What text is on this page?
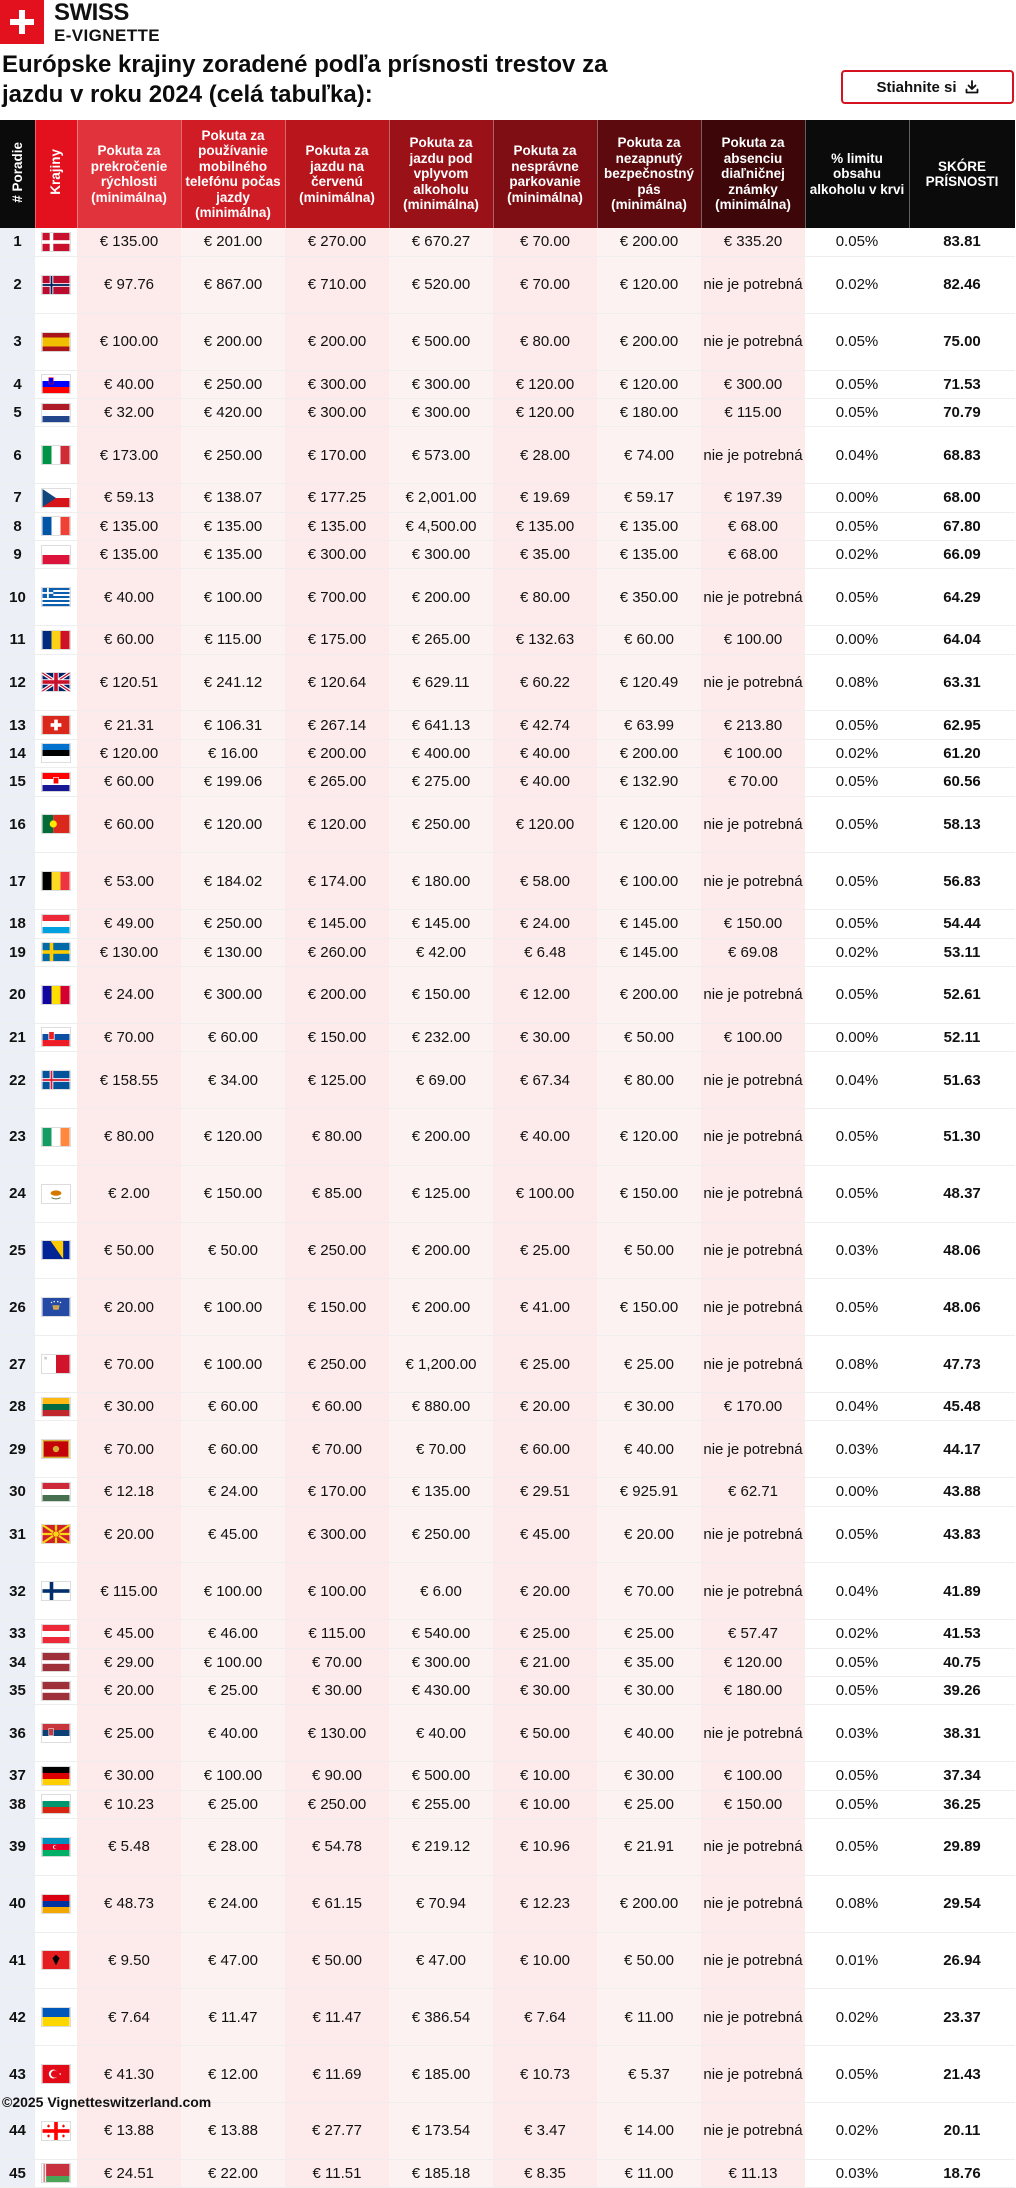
SWISS
E-VIGNETTE
Európske krajiny zoradené podľa prísnosti trestov za jazdu v roku 2024 (celá tabuľka):	Stiahnite si
# Poradie	Krajiny	Pokuta za prekročenie rýchlosti (minimálna)	Pokuta za používanie mobilného telefónu počas jazdy (minimálna)	Pokuta za jazdu na červenú (minimálna)	Pokuta za jazdu pod vplyvom alkoholu (minimálna)	Pokuta za nesprávne parkovanie (minimálna)	Pokuta za nezapnutý bezpečnostný pás (minimálna)	Pokuta za absenciu diaľničnej známky (minimálna)	% limitu obsahu alkoholu v krvi	SKÓRE PRÍSNOSTI
1		€ 135.00	€ 201.00	€ 270.00	€ 670.27	€ 70.00	€ 200.00	€ 335.20	0.05%	83.81
2		€ 97.76	€ 867.00	€ 710.00	€ 520.00	€ 70.00	€ 120.00	nie je potrebná	0.02%	82.46
3		€ 100.00	€ 200.00	€ 200.00	€ 500.00	€ 80.00	€ 200.00	nie je potrebná	0.05%	75.00
4		€ 40.00	€ 250.00	€ 300.00	€ 300.00	€ 120.00	€ 120.00	€ 300.00	0.05%	71.53
5		€ 32.00	€ 420.00	€ 300.00	€ 300.00	€ 120.00	€ 180.00	€ 115.00	0.05%	70.79
6		€ 173.00	€ 250.00	€ 170.00	€ 573.00	€ 28.00	€ 74.00	nie je potrebná	0.04%	68.83
7		€ 59.13	€ 138.07	€ 177.25	€ 2,001.00	€ 19.69	€ 59.17	€ 197.39	0.00%	68.00
8		€ 135.00	€ 135.00	€ 135.00	€ 4,500.00	€ 135.00	€ 135.00	€ 68.00	0.05%	67.80
9		€ 135.00	€ 135.00	€ 300.00	€ 300.00	€ 35.00	€ 135.00	€ 68.00	0.02%	66.09
10		€ 40.00	€ 100.00	€ 700.00	€ 200.00	€ 80.00	€ 350.00	nie je potrebná	0.05%	64.29
11		€ 60.00	€ 115.00	€ 175.00	€ 265.00	€ 132.63	€ 60.00	€ 100.00	0.00%	64.04
12		€ 120.51	€ 241.12	€ 120.64	€ 629.11	€ 60.22	€ 120.49	nie je potrebná	0.08%	63.31
13		€ 21.31	€ 106.31	€ 267.14	€ 641.13	€ 42.74	€ 63.99	€ 213.80	0.05%	62.95
14		€ 120.00	€ 16.00	€ 200.00	€ 400.00	€ 40.00	€ 200.00	€ 100.00	0.02%	61.20
15		€ 60.00	€ 199.06	€ 265.00	€ 275.00	€ 40.00	€ 132.90	€ 70.00	0.05%	60.56
16		€ 60.00	€ 120.00	€ 120.00	€ 250.00	€ 120.00	€ 120.00	nie je potrebná	0.05%	58.13
17		€ 53.00	€ 184.02	€ 174.00	€ 180.00	€ 58.00	€ 100.00	nie je potrebná	0.05%	56.83
18		€ 49.00	€ 250.00	€ 145.00	€ 145.00	€ 24.00	€ 145.00	€ 150.00	0.05%	54.44
19		€ 130.00	€ 130.00	€ 260.00	€ 42.00	€ 6.48	€ 145.00	€ 69.08	0.02%	53.11
20		€ 24.00	€ 300.00	€ 200.00	€ 150.00	€ 12.00	€ 200.00	nie je potrebná	0.05%	52.61
21		€ 70.00	€ 60.00	€ 150.00	€ 232.00	€ 30.00	€ 50.00	€ 100.00	0.00%	52.11
22		€ 158.55	€ 34.00	€ 125.00	€ 69.00	€ 67.34	€ 80.00	nie je potrebná	0.04%	51.63
23		€ 80.00	€ 120.00	€ 80.00	€ 200.00	€ 40.00	€ 120.00	nie je potrebná	0.05%	51.30
24		€ 2.00	€ 150.00	€ 85.00	€ 125.00	€ 100.00	€ 150.00	nie je potrebná	0.05%	48.37
25		€ 50.00	€ 50.00	€ 250.00	€ 200.00	€ 25.00	€ 50.00	nie je potrebná	0.03%	48.06
26		€ 20.00	€ 100.00	€ 150.00	€ 200.00	€ 41.00	€ 150.00	nie je potrebná	0.05%	48.06
27		€ 70.00	€ 100.00	€ 250.00	€ 1,200.00	€ 25.00	€ 25.00	nie je potrebná	0.08%	47.73
28		€ 30.00	€ 60.00	€ 60.00	€ 880.00	€ 20.00	€ 30.00	€ 170.00	0.04%	45.48
29		€ 70.00	€ 60.00	€ 70.00	€ 70.00	€ 60.00	€ 40.00	nie je potrebná	0.03%	44.17
30		€ 12.18	€ 24.00	€ 170.00	€ 135.00	€ 29.51	€ 925.91	€ 62.71	0.00%	43.88
31		€ 20.00	€ 45.00	€ 300.00	€ 250.00	€ 45.00	€ 20.00	nie je potrebná	0.05%	43.83
32		€ 115.00	€ 100.00	€ 100.00	€ 6.00	€ 20.00	€ 70.00	nie je potrebná	0.04%	41.89
33		€ 45.00	€ 46.00	€ 115.00	€ 540.00	€ 25.00	€ 25.00	€ 57.47	0.02%	41.53
34		€ 29.00	€ 100.00	€ 70.00	€ 300.00	€ 21.00	€ 35.00	€ 120.00	0.05%	40.75
35		€ 20.00	€ 25.00	€ 30.00	€ 430.00	€ 30.00	€ 30.00	€ 180.00	0.05%	39.26
36		€ 25.00	€ 40.00	€ 130.00	€ 40.00	€ 50.00	€ 40.00	nie je potrebná	0.03%	38.31
37		€ 30.00	€ 100.00	€ 90.00	€ 500.00	€ 10.00	€ 30.00	€ 100.00	0.05%	37.34
38		€ 10.23	€ 25.00	€ 250.00	€ 255.00	€ 10.00	€ 25.00	€ 150.00	0.05%	36.25
39		€ 5.48	€ 28.00	€ 54.78	€ 219.12	€ 10.96	€ 21.91	nie je potrebná	0.05%	29.89
40		€ 48.73	€ 24.00	€ 61.15	€ 70.94	€ 12.23	€ 200.00	nie je potrebná	0.08%	29.54
41		€ 9.50	€ 47.00	€ 50.00	€ 47.00	€ 10.00	€ 50.00	nie je potrebná	0.01%	26.94
42		€ 7.64	€ 11.47	€ 11.47	€ 386.54	€ 7.64	€ 11.00	nie je potrebná	0.02%	23.37
43		€ 41.30	€ 12.00	€ 11.69	€ 185.00	€ 10.73	€ 5.37	nie je potrebná	0.05%	21.43
44		€ 13.88	€ 13.88	€ 27.77	€ 173.54	€ 3.47	€ 14.00	nie je potrebná	0.02%	20.11
45		€ 24.51	€ 22.00	€ 11.51	€ 185.18	€ 8.35	€ 11.00	€ 11.13	0.03%	18.76
©2025 Vignetteswitzerland.com
